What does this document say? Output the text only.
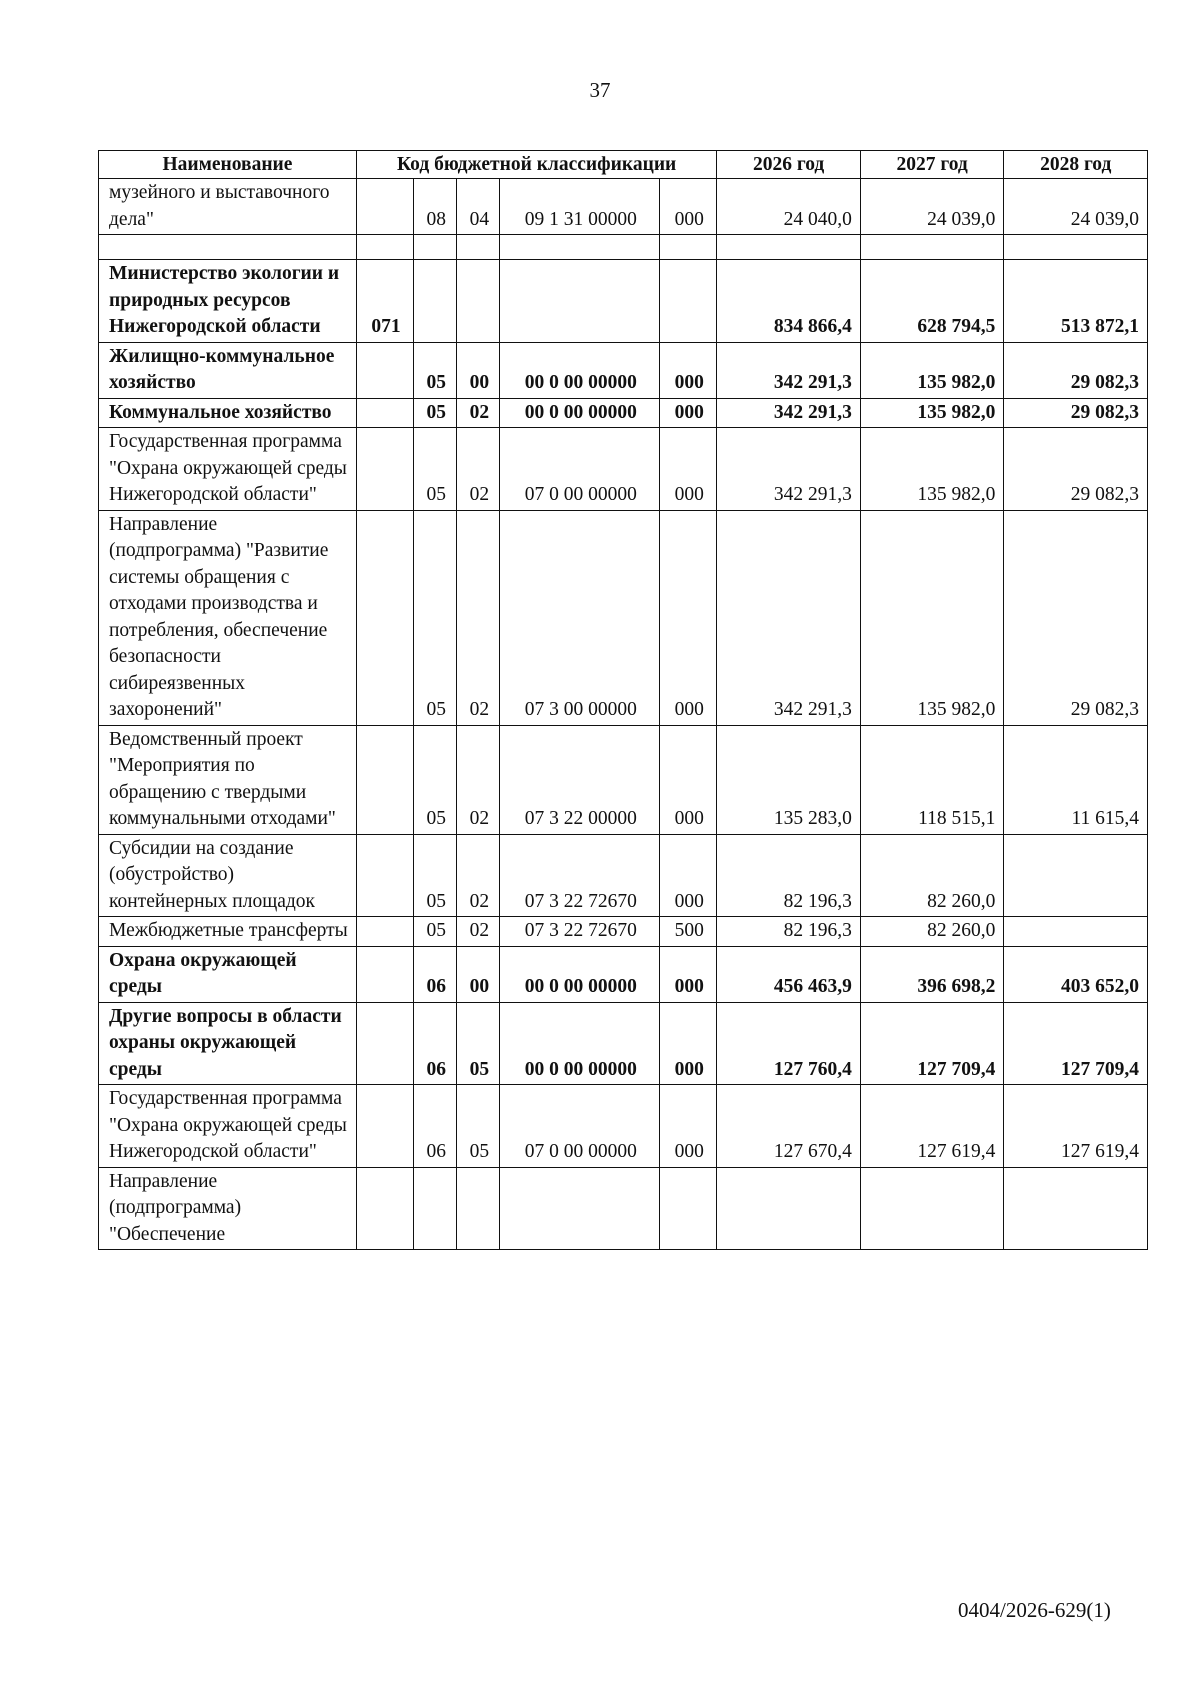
37
Наименование	Код бюджетной классификации					2026 год	2027 год	2028 год
музейного и выставочного дела"		08	04	09 1 31 00000	000	24 040,0	24 039,0	24 039,0

Министерство экологии и природных ресурсов Нижегородской области	071					834 866,4	628 794,5	513 872,1
Жилищно-коммунальное хозяйство		05	00	00 0 00 00000	000	342 291,3	135 982,0	29 082,3
Коммунальное хозяйство		05	02	00 0 00 00000	000	342 291,3	135 982,0	29 082,3
Государственная программа "Охрана окружающей среды Нижегородской области"		05	02	07 0 00 00000	000	342 291,3	135 982,0	29 082,3
Направление (подпрограмма) "Развитие системы обращения с отходами производства и потребления, обеспечение безопасности сибиреязвенных захоронений"		05	02	07 3 00 00000	000	342 291,3	135 982,0	29 082,3
Ведомственный проект "Мероприятия по обращению с твердыми коммунальными отходами"		05	02	07 3 22 00000	000	135 283,0	118 515,1	11 615,4
Субсидии на создание (обустройство) контейнерных площадок		05	02	07 3 22 72670	000	82 196,3	82 260,0	
Межбюджетные трансферты		05	02	07 3 22 72670	500	82 196,3	82 260,0	
Охрана окружающей среды		06	00	00 0 00 00000	000	456 463,9	396 698,2	403 652,0
Другие вопросы в области охраны окружающей среды		06	05	00 0 00 00000	000	127 760,4	127 709,4	127 709,4
Государственная программа "Охрана окружающей среды Нижегородской области"		06	05	07 0 00 00000	000	127 670,4	127 619,4	127 619,4
Направление (подпрограмма) "Обеспечение								
0404/2026-629(1)
